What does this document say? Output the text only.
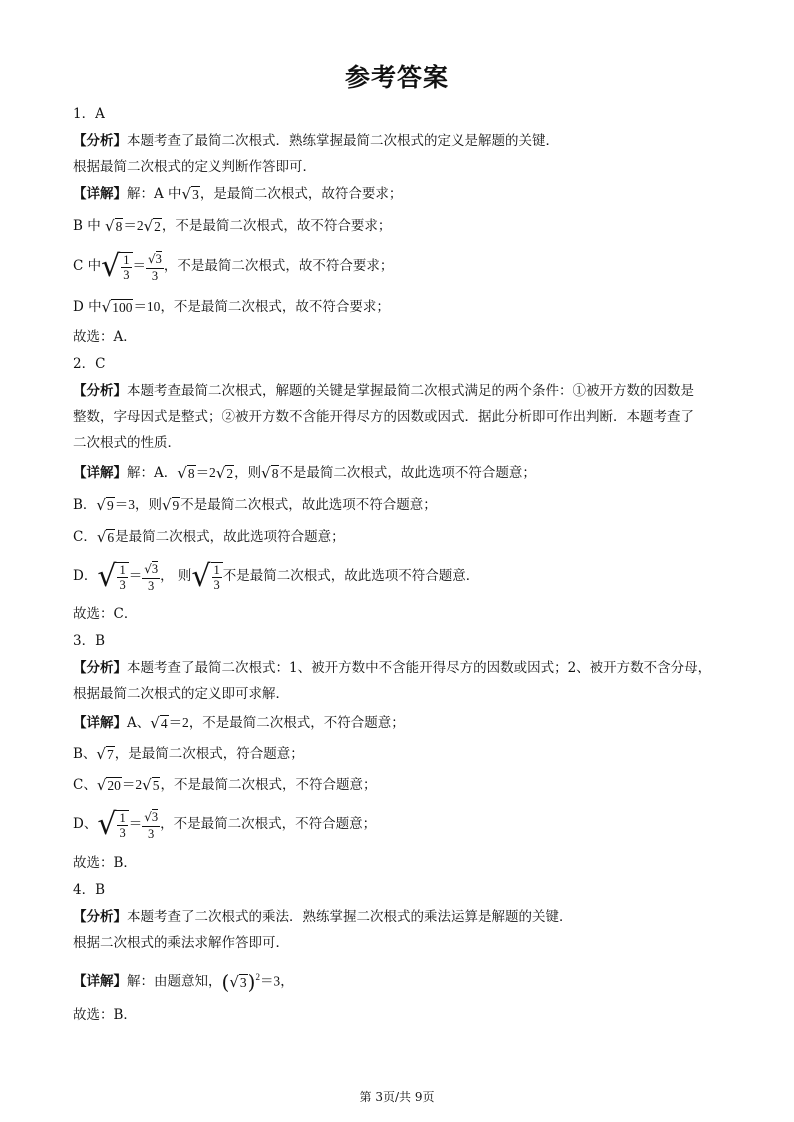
参考答案
1．A
【分析】本题考查了最简二次根式．熟练掌握最简二次根式的定义是解题的关键．
根据最简二次根式的定义判断作答即可．
【详解】解：A 中 √ 3 ，是最简二次根式，故符合要求；
B 中 √ 8 ＝2 √ 2 ，不是最简二次根式，故不符合要求；
C 中 √ $\frac{1}{3} = \frac{√3}{3}$ ，不是最简二次根式，故不符合要求；
D 中 √ 100 ＝10，不是最简二次根式，故不符合要求；
故选：A．
2．C
【分析】本题考查最简二次根式，解题的关键是掌握最简二次根式满足的两个条件：①被开方数的因数是
整数，字母因式是整式；②被开方数不含能开得尽方的因数或因式．据此分析即可作出判断．本题考查了
二次根式的性质．
【详解】解：A． √ 8 ＝2 √ 2 ，则 √ 8 不是最简二次根式，故此选项不符合题意；
B． √ 9 ＝3，则 √ 9 不是最简二次根式，故此选项不符合题意；
C． √ 6 是最简二次根式，故此选项符合题意；
D． √ $\frac{1}{3} = \frac{√3}{3}$ ， 则 √ $\frac{1}{3}$ 不是最简二次根式，故此选项不符合题意．
故选：C．
3．B
【分析】本题考查了最简二次根式：1、被开方数中不含能开得尽方的因数或因式；2、被开方数不含分母，
根据最简二次根式的定义即可求解．
【详解】A、 √ 4 ＝2，不是最简二次根式，不符合题意；
B、 √ 7 ，是最简二次根式，符合题意；
C、 √ 20 ＝2 √ 5 ，不是最简二次根式，不符合题意；
D、 √ $\frac{1}{3} = \frac{√3}{3}$ ，不是最简二次根式，不符合题意；
故选：B．
4．B
【分析】本题考查了二次根式的乘法．熟练掌握二次根式的乘法运算是解题的关键．
根据二次根式的乘法求解作答即可．
【详解】解：由题意知，( √ 3 )$^2$＝3，
故选：B．
第 3页/共 9页
